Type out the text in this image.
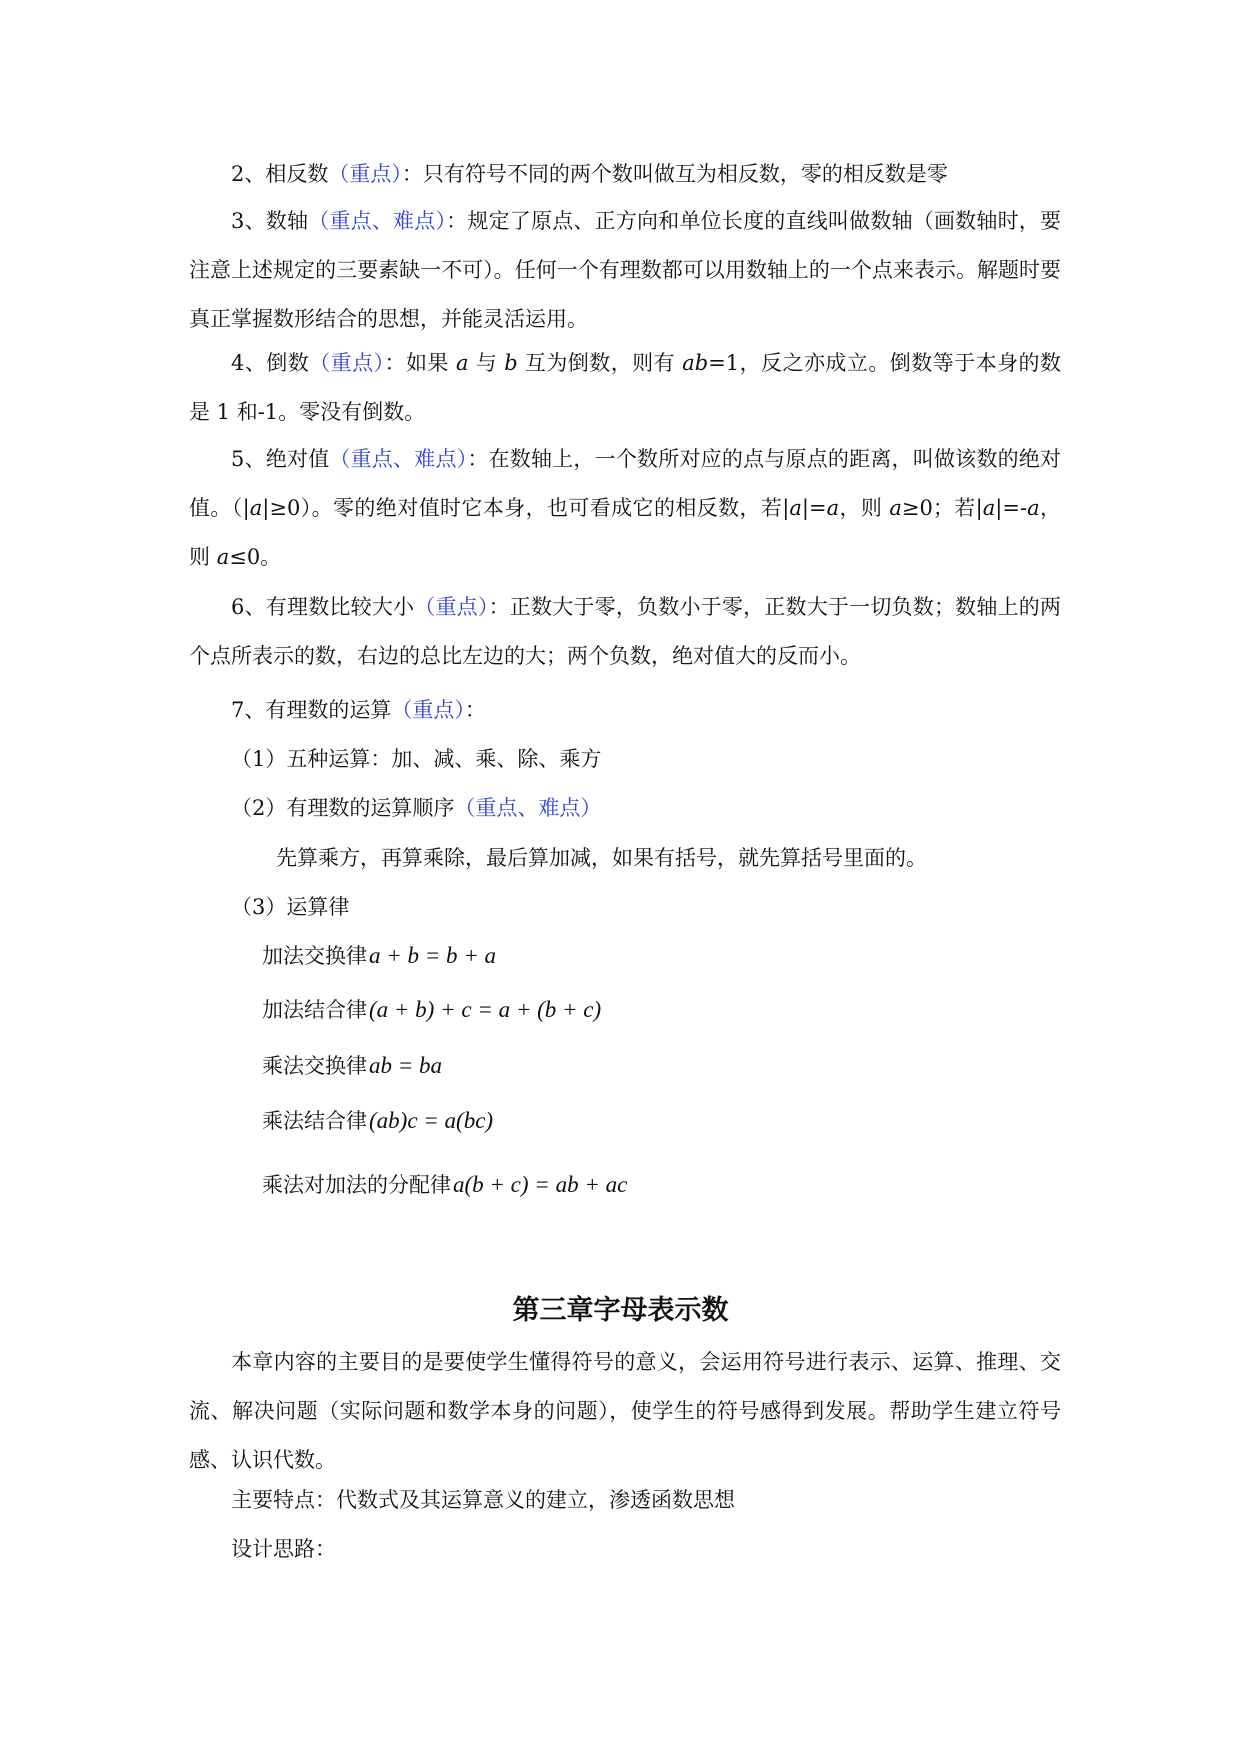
2、相反数（重点）：只有符号不同的两个数叫做互为相反数，零的相反数是零

3、数轴（重点、难点）：规定了原点、正方向和单位长度的直线叫做数轴（画数轴时，要注意上述规定的三要素缺一不可）。任何一个有理数都可以用数轴上的一个点来表示。解题时要真正掌握数形结合的思想，并能灵活运用。

4、倒数（重点）：如果 a 与 b 互为倒数，则有 ab=1，反之亦成立。倒数等于本身的数是 1 和-1。零没有倒数。

5、绝对值（重点、难点）：在数轴上，一个数所对应的点与原点的距离，叫做该数的绝对值。（|a|≥0）。零的绝对值时它本身，也可看成它的相反数，若|a|=a，则 a≥0；若|a|=-a，则 a≤0。

6、有理数比较大小（重点）：正数大于零，负数小于零，正数大于一切负数；数轴上的两个点所表示的数，右边的总比左边的大；两个负数，绝对值大的反而小。

7、有理数的运算（重点）：

（1）五种运算：加、减、乘、除、乘方

（2）有理数的运算顺序（重点、难点）

先算乘方，再算乘除，最后算加减，如果有括号，就先算括号里面的。

（3）运算律

加法交换律a + b = b + a

加法结合律(a + b) + c = a + (b + c)

乘法交换律ab = ba

乘法结合律(ab)c = a(bc)

乘法对加法的分配律a(b + c) = ab + ac

第三章字母表示数

本章内容的主要目的是要使学生懂得符号的意义，会运用符号进行表示、运算、推理、交流、解决问题（实际问题和数学本身的问题），使学生的符号感得到发展。帮助学生建立符号感、认识代数。

主要特点：代数式及其运算意义的建立，渗透函数思想

设计思路：
